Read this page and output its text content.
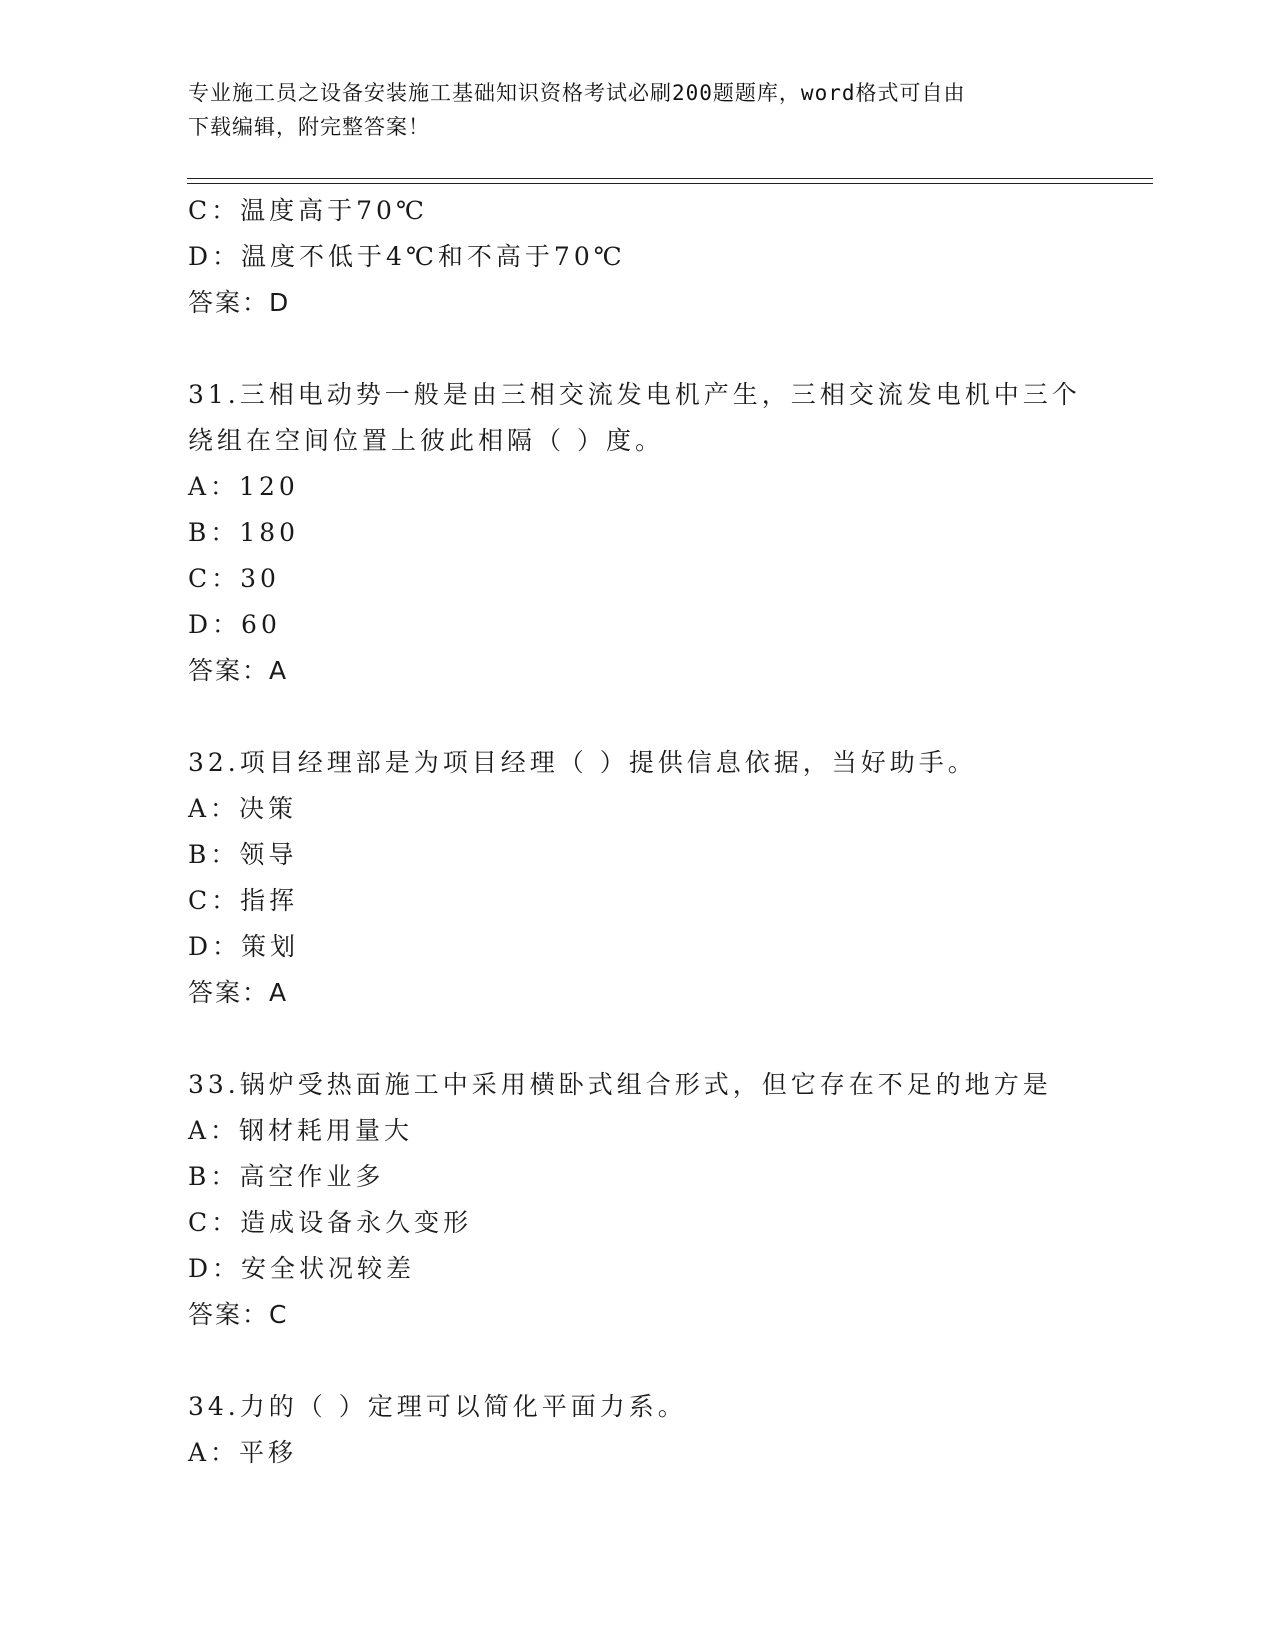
专业施工员之设备安装施工基础知识资格考试必刷200题题库，word格式可自由
下载编辑，附完整答案！
C：温度高于70℃
D：温度不低于4℃和不高于70℃
答案：D
31.三相电动势一般是由三相交流发电机产生，三相交流发电机中三个
绕组在空间位置上彼此相隔（ ）度。
A：120
B：180
C：30
D：60
答案：A
32.项目经理部是为项目经理（ ）提供信息依据，当好助手。
A：决策
B：领导
C：指挥
D：策划
答案：A
33.锅炉受热面施工中采用横卧式组合形式，但它存在不足的地方是
A：钢材耗用量大
B：高空作业多
C：造成设备永久变形
D：安全状况较差
答案：C
34.力的（ ）定理可以简化平面力系。
A：平移
